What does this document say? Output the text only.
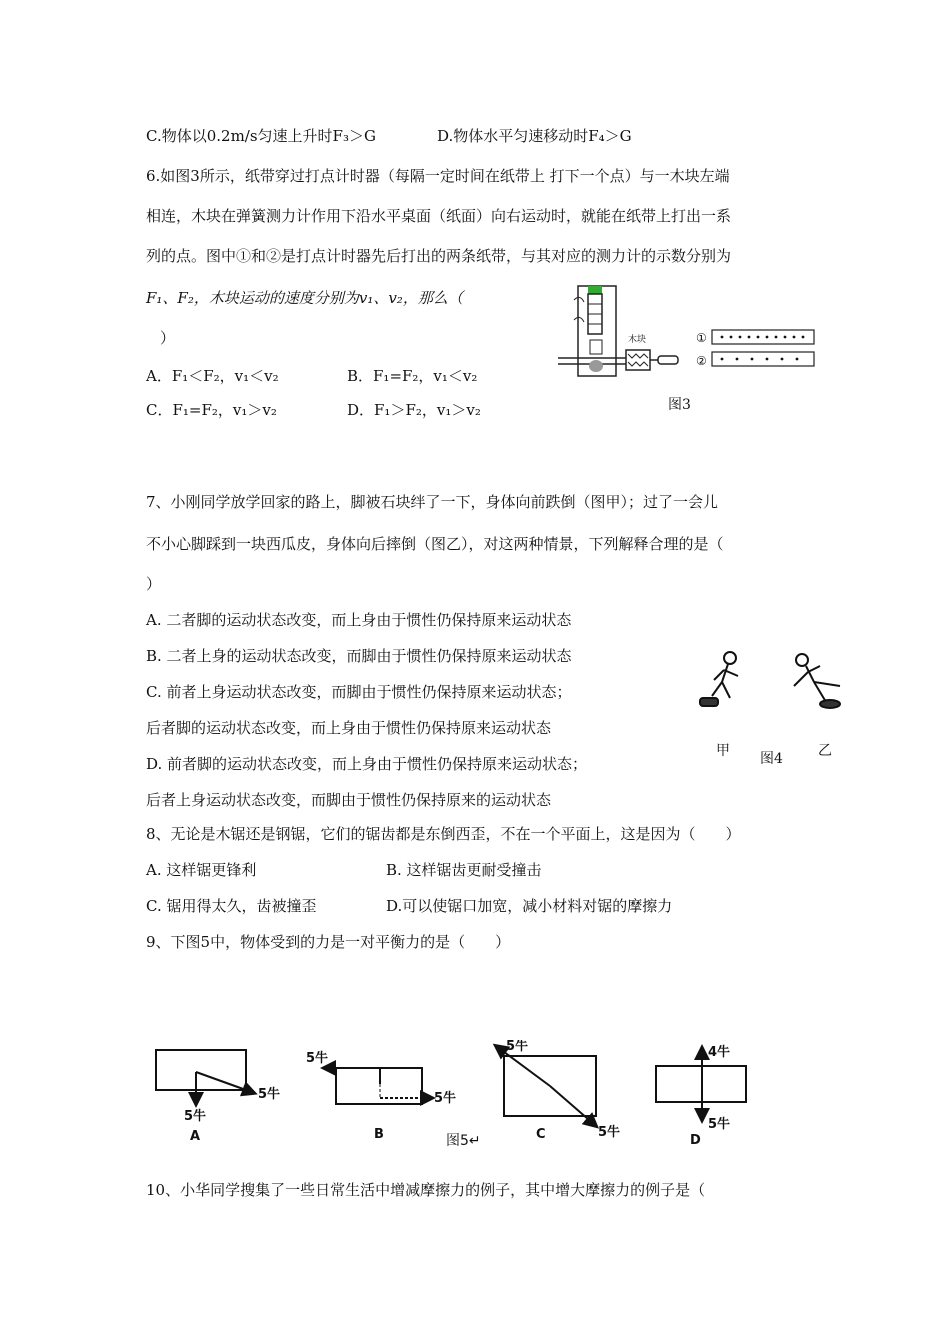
C.物体以0.2m/s匀速上升时F₃＞G	D.物体水平匀速移动时F₄＞G
6.如图3所示，纸带穿过打点计时器（每隔一定时间在纸带上 打下一个点）与一木块左端
相连，木块在弹簧测力计作用下沿水平桌面（纸面）向右运动时，就能在纸带上打出一系
列的点。图中①和②是打点计时器先后打出的两条纸带，与其对应的测力计的示数分别为
F₁、F₂，木块运动的速度分别为v₁、v₂，那么（
）
A．F₁＜F₂，v₁＜v₂	B．F₁=F₂，v₁＜v₂
C．F₁=F₂，v₁＞v₂	D．F₁＞F₂，v₁＞v₂
木块	①
②
图3
7、小刚同学放学回家的路上，脚被石块绊了一下，身体向前跌倒（图甲）；过了一会儿
不小心脚踩到一块西瓜皮，身体向后摔倒（图乙），对这两种情景，下列解释合理的是（
）
A. 二者脚的运动状态改变，而上身由于惯性仍保持原来运动状态
B. 二者上身的运动状态改变，而脚由于惯性仍保持原来运动状态
C. 前者上身运动状态改变，而脚由于惯性仍保持原来运动状态；
后者脚的运动状态改变，而上身由于惯性仍保持原来运动状态
D. 前者脚的运动状态改变，而上身由于惯性仍保持原来运动状态；
后者上身运动状态改变，而脚由于惯性仍保持原来的运动状态
甲 图4	乙
8、无论是木锯还是钢锯，它们的锯齿都是东倒西歪，不在一个平面上，这是因为（　　）
A. 这样锯更锋利	B. 这样锯齿更耐受撞击
C. 锯用得太久，齿被撞歪	D.可以使锯口加宽，减小材料对锯的摩擦力
9、下图5中，物体受到的力是一对平衡力的是（　　）
5牛
5牛
A
5牛
5牛
B
5牛
5牛
C
4牛
5牛
D
图5↵
10、小华同学搜集了一些日常生活中增减摩擦力的例子，其中增大摩擦力的例子是（
